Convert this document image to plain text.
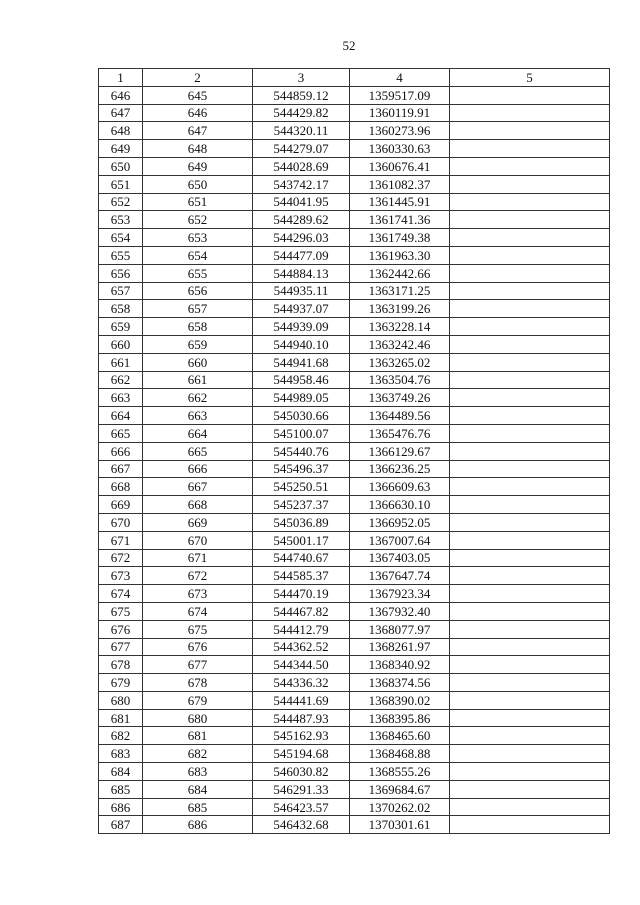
52
1	2	3	4	5
646	645	544859.12	1359517.09	
647	646	544429.82	1360119.91	
648	647	544320.11	1360273.96	
649	648	544279.07	1360330.63	
650	649	544028.69	1360676.41	
651	650	543742.17	1361082.37	
652	651	544041.95	1361445.91	
653	652	544289.62	1361741.36	
654	653	544296.03	1361749.38	
655	654	544477.09	1361963.30	
656	655	544884.13	1362442.66	
657	656	544935.11	1363171.25	
658	657	544937.07	1363199.26	
659	658	544939.09	1363228.14	
660	659	544940.10	1363242.46	
661	660	544941.68	1363265.02	
662	661	544958.46	1363504.76	
663	662	544989.05	1363749.26	
664	663	545030.66	1364489.56	
665	664	545100.07	1365476.76	
666	665	545440.76	1366129.67	
667	666	545496.37	1366236.25	
668	667	545250.51	1366609.63	
669	668	545237.37	1366630.10	
670	669	545036.89	1366952.05	
671	670	545001.17	1367007.64	
672	671	544740.67	1367403.05	
673	672	544585.37	1367647.74	
674	673	544470.19	1367923.34	
675	674	544467.82	1367932.40	
676	675	544412.79	1368077.97	
677	676	544362.52	1368261.97	
678	677	544344.50	1368340.92	
679	678	544336.32	1368374.56	
680	679	544441.69	1368390.02	
681	680	544487.93	1368395.86	
682	681	545162.93	1368465.60	
683	682	545194.68	1368468.88	
684	683	546030.82	1368555.26	
685	684	546291.33	1369684.67	
686	685	546423.57	1370262.02	
687	686	546432.68	1370301.61	
